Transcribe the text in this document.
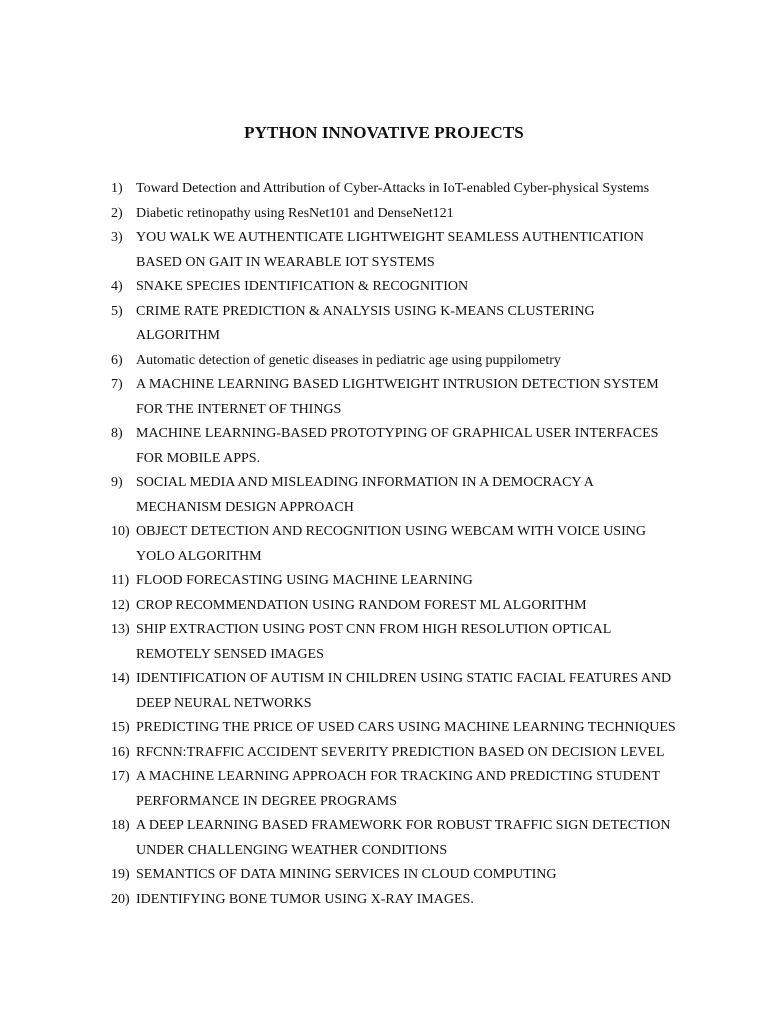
PYTHON INNOVATIVE PROJECTS
1) Toward Detection and Attribution of Cyber-Attacks in IoT-enabled Cyber-physical Systems
2) Diabetic retinopathy using ResNet101 and DenseNet121
3) YOU WALK WE AUTHENTICATE LIGHTWEIGHT SEAMLESS AUTHENTICATION
BASED ON GAIT IN WEARABLE IOT SYSTEMS
4) SNAKE SPECIES IDENTIFICATION & RECOGNITION
5) CRIME RATE PREDICTION & ANALYSIS USING K-MEANS CLUSTERING
ALGORITHM
6) Automatic detection of genetic diseases in pediatric age using puppilometry
7) A MACHINE LEARNING BASED LIGHTWEIGHT INTRUSION DETECTION SYSTEM
FOR THE INTERNET OF THINGS
8) MACHINE LEARNING-BASED PROTOTYPING OF GRAPHICAL USER INTERFACES
FOR MOBILE APPS.
9) SOCIAL MEDIA AND MISLEADING INFORMATION IN A DEMOCRACY A
MECHANISM DESIGN APPROACH
10) OBJECT DETECTION AND RECOGNITION USING WEBCAM WITH VOICE USING
YOLO ALGORITHM
11) FLOOD FORECASTING USING MACHINE LEARNING
12) CROP RECOMMENDATION USING RANDOM FOREST ML ALGORITHM
13) SHIP EXTRACTION USING POST CNN FROM HIGH RESOLUTION OPTICAL
REMOTELY SENSED IMAGES
14) IDENTIFICATION OF AUTISM IN CHILDREN USING STATIC FACIAL FEATURES AND
DEEP NEURAL NETWORKS
15) PREDICTING THE PRICE OF USED CARS USING MACHINE LEARNING TECHNIQUES
16) RFCNN:TRAFFIC ACCIDENT SEVERITY PREDICTION BASED ON DECISION LEVEL
17) A MACHINE LEARNING APPROACH FOR TRACKING AND PREDICTING STUDENT
PERFORMANCE IN DEGREE PROGRAMS
18) A DEEP LEARNING BASED FRAMEWORK FOR ROBUST TRAFFIC SIGN DETECTION
UNDER CHALLENGING WEATHER CONDITIONS
19) SEMANTICS OF DATA MINING SERVICES IN CLOUD COMPUTING
20) IDENTIFYING BONE TUMOR USING X-RAY IMAGES.
